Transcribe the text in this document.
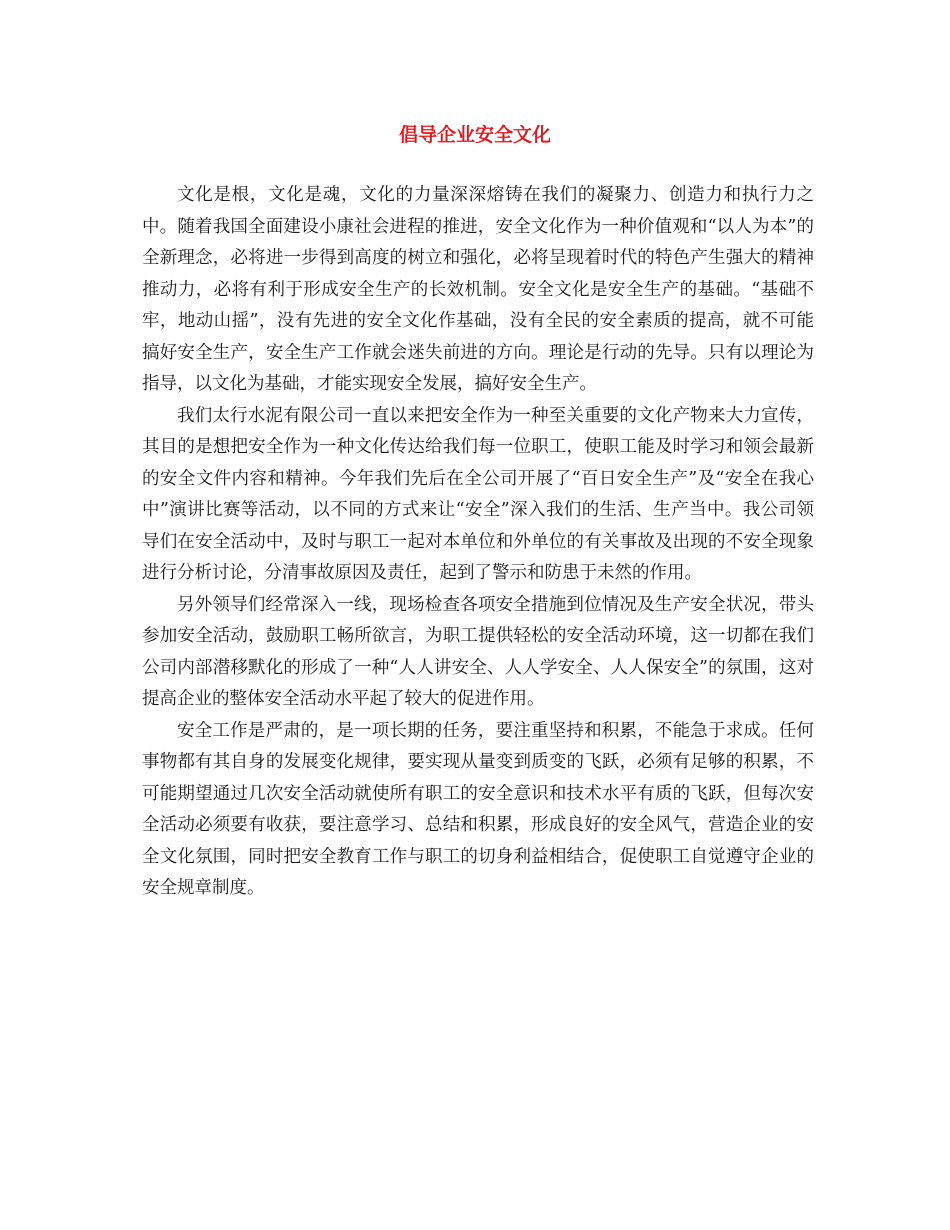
倡导企业安全文化

文化是根，文化是魂，文化的力量深深熔铸在我们的凝聚力、创造力和执行力之中。随着我国全面建设小康社会进程的推进，安全文化作为一种价值观和“以人为本”的全新理念，必将进一步得到高度的树立和强化，必将呈现着时代的特色产生强大的精神推动力，必将有利于形成安全生产的长效机制。安全文化是安全生产的基础。“基础不牢，地动山摇”，没有先进的安全文化作基础，没有全民的安全素质的提高，就不可能搞好安全生产，安全生产工作就会迷失前进的方向。理论是行动的先导。只有以理论为指导，以文化为基础，才能实现安全发展，搞好安全生产。

我们太行水泥有限公司一直以来把安全作为一种至关重要的文化产物来大力宣传，其目的是想把安全作为一种文化传达给我们每一位职工，使职工能及时学习和领会最新的安全文件内容和精神。今年我们先后在全公司开展了“百日安全生产”及“安全在我心中”演讲比赛等活动，以不同的方式来让“安全”深入我们的生活、生产当中。我公司领导们在安全活动中，及时与职工一起对本单位和外单位的有关事故及出现的不安全现象进行分析讨论，分清事故原因及责任，起到了警示和防患于未然的作用。

另外领导们经常深入一线，现场检查各项安全措施到位情况及生产安全状况，带头参加安全活动，鼓励职工畅所欲言，为职工提供轻松的安全活动环境，这一切都在我们公司内部潜移默化的形成了一种“人人讲安全、人人学安全、人人保安全”的氛围，这对提高企业的整体安全活动水平起了较大的促进作用。

安全工作是严肃的，是一项长期的任务，要注重坚持和积累，不能急于求成。任何事物都有其自身的发展变化规律，要实现从量变到质变的飞跃，必须有足够的积累，不可能期望通过几次安全活动就使所有职工的安全意识和技术水平有质的飞跃，但每次安全活动必须要有收获，要注意学习、总结和积累，形成良好的安全风气，营造企业的安全文化氛围，同时把安全教育工作与职工的切身利益相结合，促使职工自觉遵守企业的安全规章制度。
